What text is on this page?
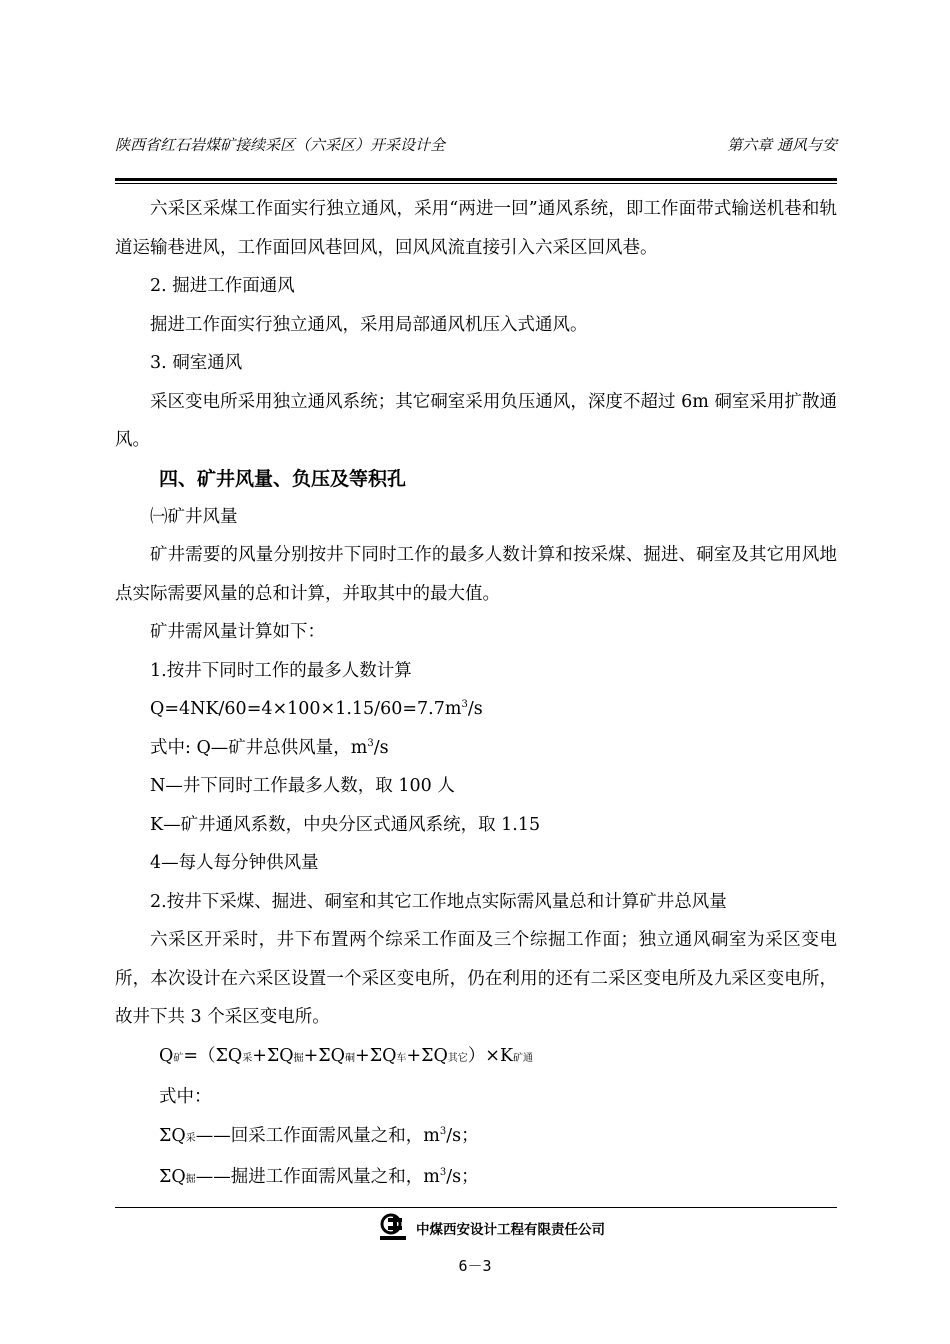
陕西省红石岩煤矿接续采区（六采区）开采设计全	第六章 通风与安

六采区采煤工作面实行独立通风，采用“两进一回”通风系统，即工作面带式输送机巷和轨道运输巷进风，工作面回风巷回风，回风风流直接引入六采区回风巷。

2. 掘进工作面通风

掘进工作面实行独立通风，采用局部通风机压入式通风。

3. 硐室通风

采区变电所采用独立通风系统；其它硐室采用负压通风，深度不超过 6m 硐室采用扩散通风。

四、矿井风量、负压及等积孔

㈠矿井风量

矿井需要的风量分别按井下同时工作的最多人数计算和按采煤、掘进、硐室及其它用风地点实际需要风量的总和计算，并取其中的最大值。

矿井需风量计算如下：

1.按井下同时工作的最多人数计算

$Q=4NK/60=4\times 100\times 1.15/60=7.7m^3/s$

式中: Q—矿井总供风量，$m^3/s$

N—井下同时工作最多人数，取 100 人

K—矿井通风系数，中央分区式通风系统，取 1.15

4—每人每分钟供风量

2.按井下采煤、掘进、硐室和其它工作地点实际需风量总和计算矿井总风量

六采区开采时，井下布置两个综采工作面及三个综掘工作面；独立通风硐室为采区变电所，本次设计在六采区设置一个采区变电所，仍在利用的还有二采区变电所及九采区变电所，故井下共 3 个采区变电所。

Q矿=（ΣQ采+ΣQ掘+ΣQ硐+ΣQ车+ΣQ其它）×K矿通

式中：

ΣQ采——回采工作面需风量之和，$m^3/s$；

ΣQ掘——掘进工作面需风量之和，$m^3/s$；

中煤西安设计工程有限责任公司
6－3
